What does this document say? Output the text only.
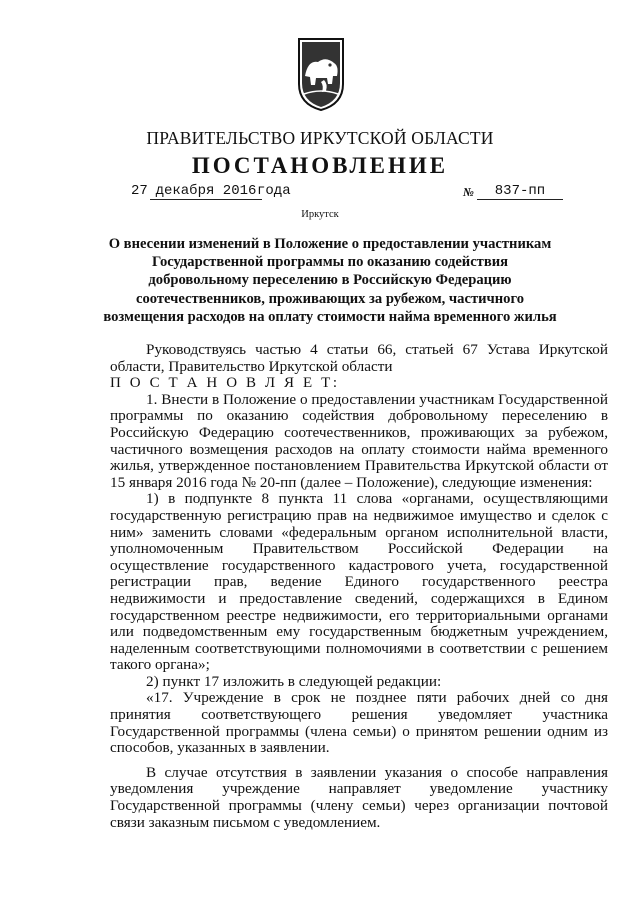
ПРАВИТЕЛЬСТВО ИРКУТСКОЙ ОБЛАСТИ
ПОСТАНОВЛЕНИЕ
27 декабря 2016 года	№	837-пп
Иркутск
О внесении изменений в Положение о предоставлении участникам Государственной программы по оказанию содействия добровольному переселению в Российскую Федерацию соотечественников, проживающих за рубежом, частичного возмещения расходов на оплату стоимости найма временного жилья

Руководствуясь частью 4 статьи 66, статьей 67 Устава Иркутской области, Правительство Иркутской области

П О С Т А Н О В Л Я Е Т:

1. Внести в Положение о предоставлении участникам Государственной программы по оказанию содействия добровольному переселению в Российскую Федерацию соотечественников, проживающих за рубежом, частичного возмещения расходов на оплату стоимости найма временного жилья, утвержденное постановлением Правительства Иркутской области от 15 января 2016 года № 20-пп (далее – Положение), следующие изменения:

1) в подпункте 8 пункта 11 слова «органами, осуществляющими государственную регистрацию прав на недвижимое имущество и сделок с ним» заменить словами «федеральным органом исполнительной власти, уполномоченным Правительством Российской Федерации на осуществление государственного кадастрового учета, государственной регистрации прав, ведение Единого государственного реестра недвижимости и предоставление сведений, содержащихся в Едином государственном реестре недвижимости, его территориальными органами или подведомственным ему государственным бюджетным учреждением, наделенным соответствующими полномочиями в соответствии с решением такого органа»;

2) пункт 17 изложить в следующей редакции:

«17. Учреждение в срок не позднее пяти рабочих дней со дня принятия соответствующего решения уведомляет участника Государственной программы (члена семьи) о принятом решении одним из способов, указанных в заявлении.

В случае отсутствия в заявлении указания о способе направления уведомления учреждение направляет уведомление участнику Государственной программы (члену семьи) через организации почтовой связи заказным письмом с уведомлением.
